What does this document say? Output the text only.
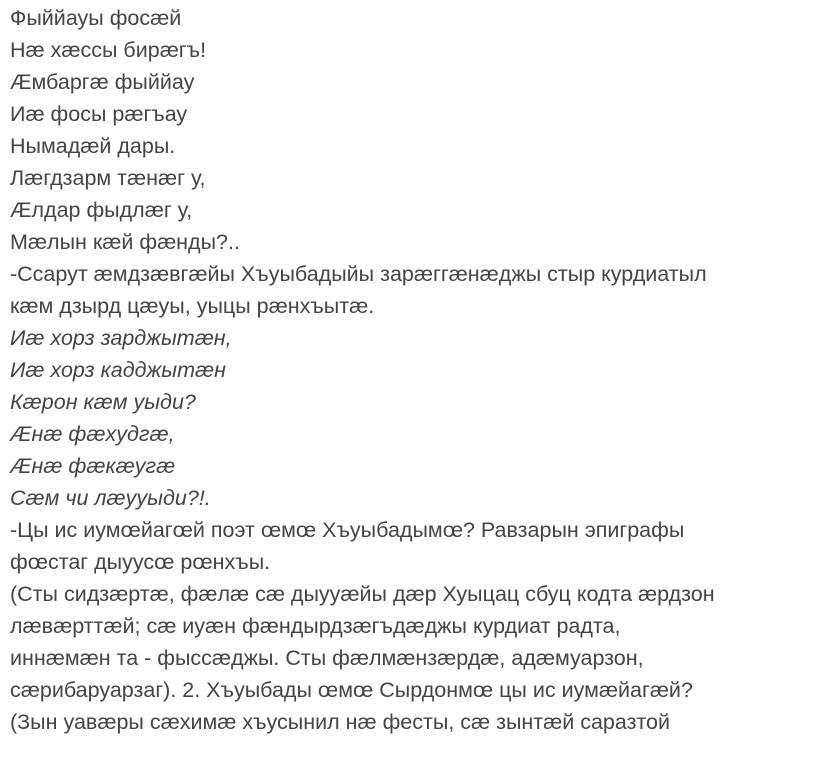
Фыййауы фосæй
Нæ хæссы бирæгъ!
Æмбаргæ фыййау
Иæ фосы рæгъау
Нымадæй дары.
Лæгдзарм тæнæг у,
Æлдар фыдлæг у,
Мæлын кæй фæнды?..
-Ссарут æмдзæвгæйы Хъуыбадыйы зарæггæнæджы стыр курдиатыл
кæм дзырд цæуы, уыцы рæнхъытæ.
Иæ хорз зарджытæн,
Иæ хорз кадджытæн
Кæрон кæм уыди?
Æнæ фæхудгæ,
Æнæ фæкæугæ
Сæм чи лæууыди?!.
-Цы ис иумœйагœй поэт œмœ Хъуыбадымœ? Равзарын эпиграфы
фœстаг дыуусœ рœнхъы.
(Сты сидзæртæ, фæлæ сæ дыууæйы дæр Хуыцац сбуц кодта æрдзон
лæвæрттæй; сæ иуæн фæндырдзæгъдæджы курдиат радта,
иннæмæн та - фыссæджы. Сты фæлмæнзæрдæ, адæмуарзон,
сæрибаруарзаг). 2. Хъуыбады œмœ Сырдонмœ цы ис иумæйагæй?
(Зын уавæры сæхимæ хъусынил нæ фесты, сæ зынтæй саразтой
